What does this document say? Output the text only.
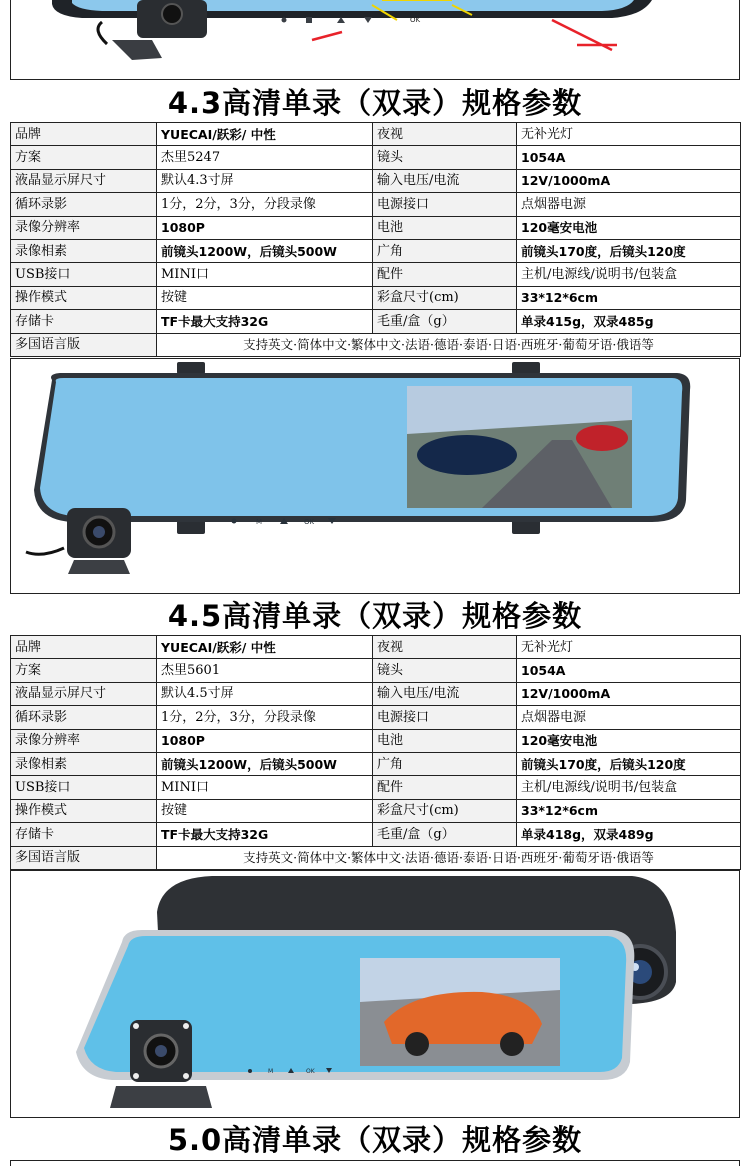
OK
4.3高清单录（双录）规格参数
品牌	YUECAI/跃彩/ 中性	夜视	无补光灯
方案	杰里5247	镜头	1054A
液晶显示屏尺寸	默认4.3寸屏	输入电压/电流	12V/1000mA
循环录影	1分，2分，3分，分段录像	电源接口	点烟器电源
录像分辨率	1080P	电池	120毫安电池
录像相素	前镜头1200W，后镜头500W	广角	前镜头170度，后镜头120度
USB接口	MINI口	配件	主机/电源线/说明书/包装盒
操作模式	按键	彩盒尺寸(cm)	33*12*6cm
存储卡	TF卡最大支持32G	毛重/盒（g）	单录415g，双录485g
多国语言版	支持英文·简体中文·繁体中文·法语·德语·泰语·日语·西班牙·葡萄牙语·俄语等		
M	OK
4.5高清单录（双录）规格参数
品牌	YUECAI/跃彩/ 中性	夜视	无补光灯
方案	杰里5601	镜头	1054A
液晶显示屏尺寸	默认4.5寸屏	输入电压/电流	12V/1000mA
循环录影	1分，2分，3分，分段录像	电源接口	点烟器电源
录像分辨率	1080P	电池	120毫安电池
录像相素	前镜头1200W，后镜头500W	广角	前镜头170度，后镜头120度
USB接口	MINI口	配件	主机/电源线/说明书/包装盒
操作模式	按键	彩盒尺寸(cm)	33*12*6cm
存储卡	TF卡最大支持32G	毛重/盒（g）	单录418g，双录489g
多国语言版	支持英文·简体中文·繁体中文·法语·德语·泰语·日语·西班牙·葡萄牙语·俄语等		
M	OK
5.0高清单录（双录）规格参数
